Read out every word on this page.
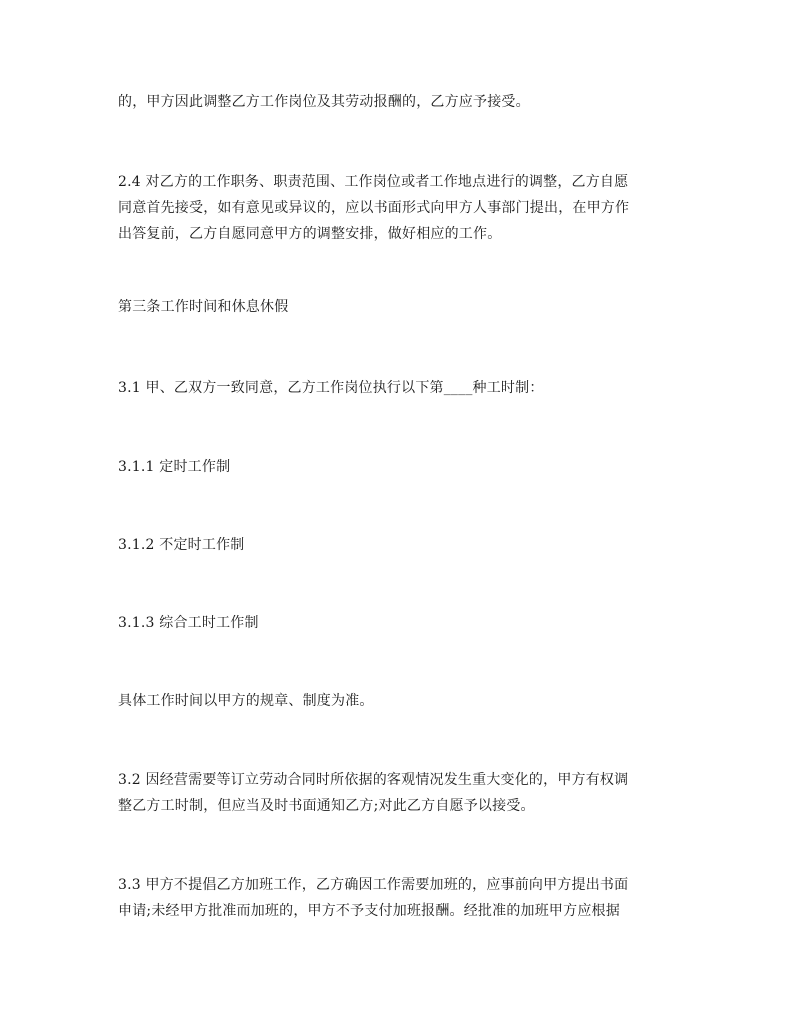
的，甲方因此调整乙方工作岗位及其劳动报酬的，乙方应予接受。

2.4 对乙方的工作职务、职责范围、工作岗位或者工作地点进行的调整，乙方自愿
同意首先接受，如有意见或异议的，应以书面形式向甲方人事部门提出，在甲方作
出答复前，乙方自愿同意甲方的调整安排，做好相应的工作。

第三条工作时间和休息休假

3.1 甲、乙双方一致同意，乙方工作岗位执行以下第____种工时制：

3.1.1 定时工作制

3.1.2 不定时工作制

3.1.3 综合工时工作制

具体工作时间以甲方的规章、制度为准。

3.2 因经营需要等订立劳动合同时所依据的客观情况发生重大变化的，甲方有权调
整乙方工时制，但应当及时书面通知乙方;对此乙方自愿予以接受。

3.3 甲方不提倡乙方加班工作，乙方确因工作需要加班的，应事前向甲方提出书面
申请;未经甲方批准而加班的，甲方不予支付加班报酬。经批准的加班甲方应根据
